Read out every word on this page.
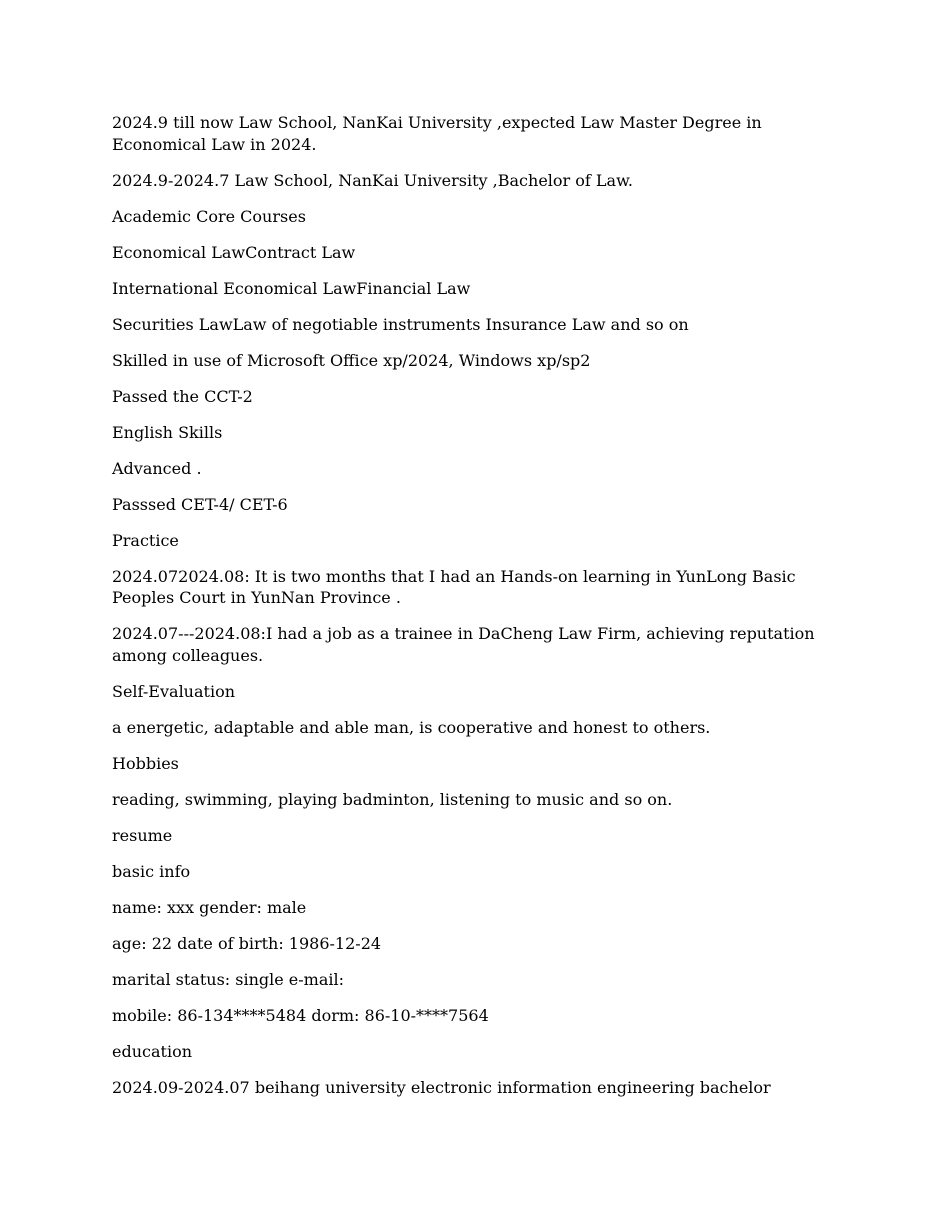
2024.9 till now Law School, NanKai University ,expected Law Master Degree in Economical Law in 2024.

2024.9-2024.7 Law School, NanKai University ,Bachelor of Law.

Academic Core Courses

Economical LawContract Law

International Economical LawFinancial Law

Securities LawLaw of negotiable instruments Insurance Law and so on

Skilled in use of Microsoft Office xp/2024, Windows xp/sp2

Passed the CCT-2

English Skills

Advanced .

Passsed CET-4/ CET-6

Practice

2024.072024.08: It is two months that I had an Hands-on learning in YunLong Basic Peoples Court in YunNan Province .

2024.07---2024.08:I had a job as a trainee in DaCheng Law Firm, achieving reputation among colleagues.

Self-Evaluation

a energetic, adaptable and able man, is cooperative and honest to others.

Hobbies

reading, swimming, playing badminton, listening to music and so on.

resume

basic info

name: xxx gender: male

age: 22 date of birth: 1986-12-24

marital status: single e-mail:

mobile: 86-134****5484 dorm: 86-10-****7564

education

2024.09-2024.07 beihang university electronic information engineering bachelor
